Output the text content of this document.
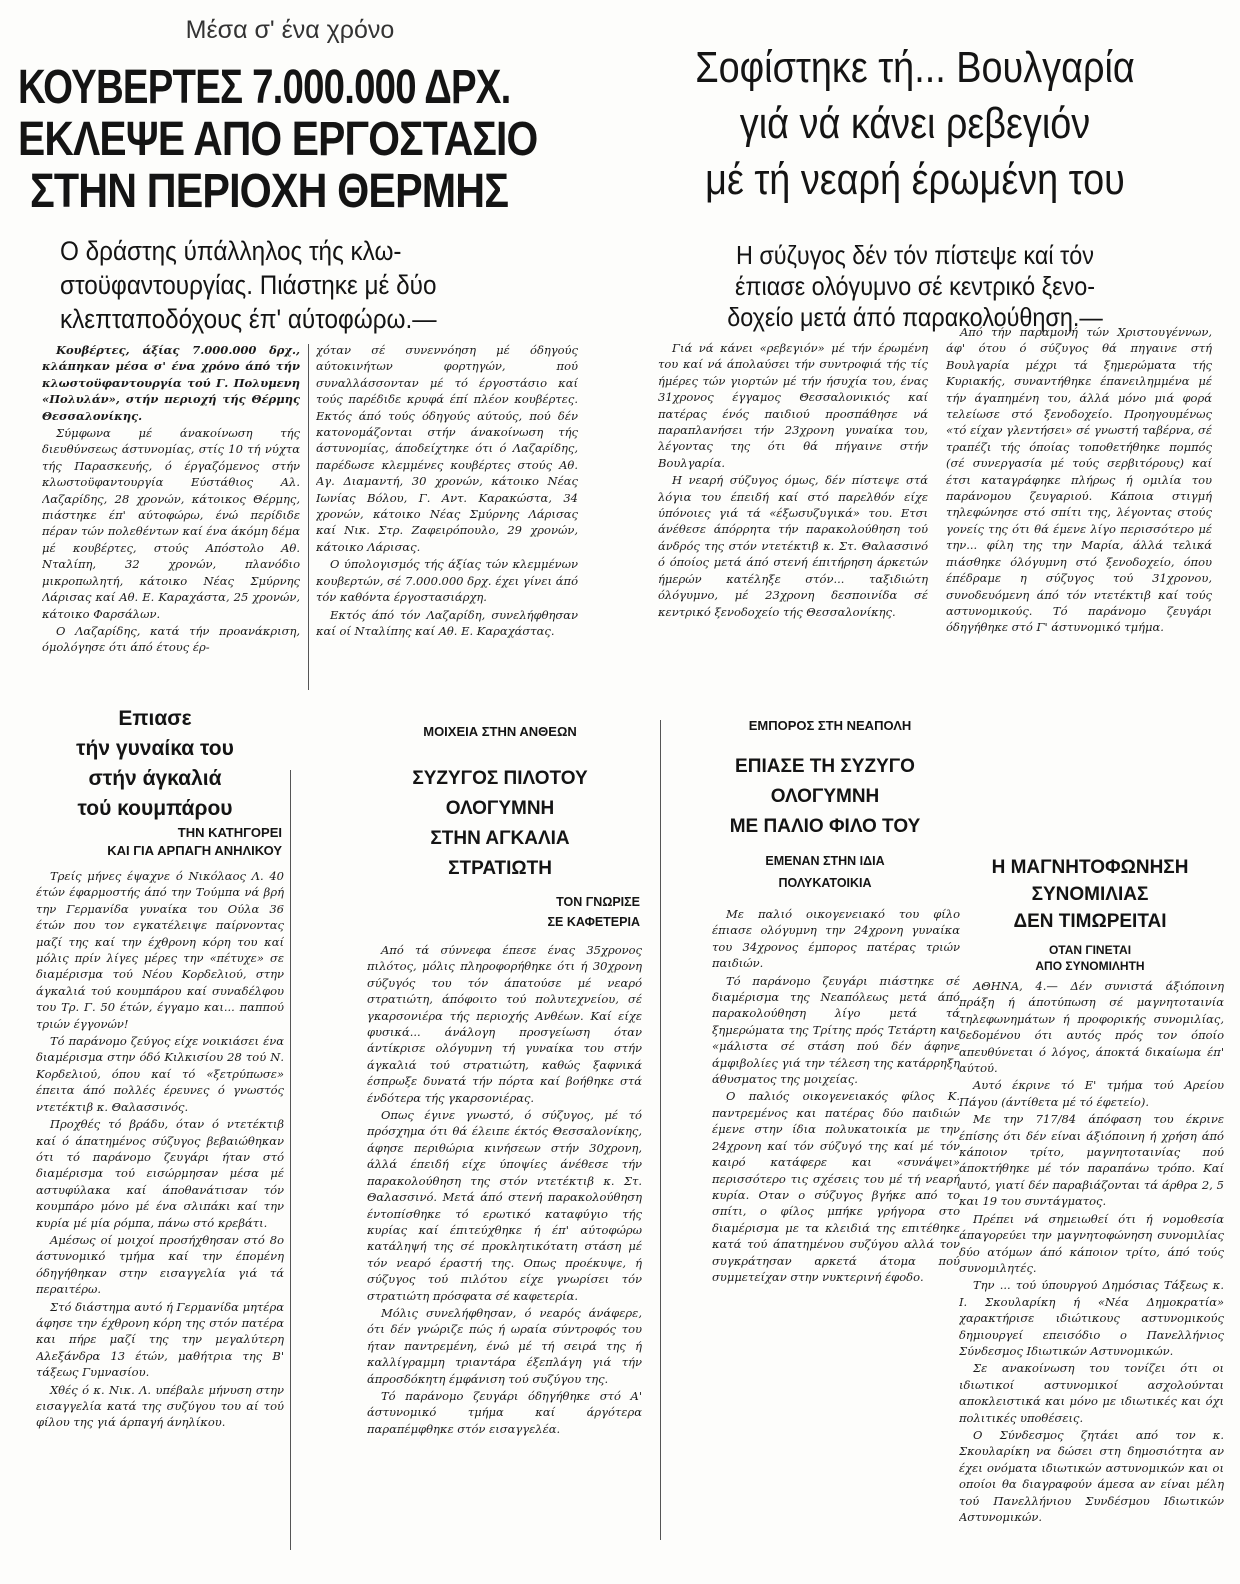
Μέσα σ' ένα χρόνο
ΚΟΥΒΕΡΤΕΣ 7.000.000 ΔΡΧ.
ΕΚΛΕΨΕ ΑΠΟ ΕΡΓΟΣΤΑΣΙΟ
ΣΤΗΝ ΠΕΡΙΟΧΗ ΘΕΡΜΗΣ
Ο δράστης ύπάλληλος τής κλω-
στοϋφαντουργίας. Πιάστηκε μέ δύο
κλεπταποδόχους έπ' αύτοφώρω.—

Κουβέρτες, άξίας 7.000.000 δρχ., κλάπηκαν μέσα σ' ένα χρόνο άπό τήν κλωστοϋφαντουργία τού Γ. Πολυμενη «Πολυλάν», στήν περιοχή τής Θέρμης Θεσσαλονίκης.

Σύμφωνα μέ άνακοίνωση τής διευθύνσεως άστυνομίας, στίς 10 τή νύχτα τής Παρασκευής, ό έργαζόμενος στήν κλωστοϋφαντουργία Εύστάθιος Αλ. Λαζαρίδης, 28 χρονών, κάτοικος Θέρμης, πιάστηκε έπ' αύτοφώρω, ένώ περίδιδε πέραν τών πολεθέντων καί ένα άκόμη δέμα μέ κουβέρτες, στούς Απόστολο Αθ. Νταλίπη, 32 χρονών, πλανόδιο μικροπωλητή, κάτοικο Νέας Σμύρνης Λάρισας καί Αθ. Ε. Καραχάστα, 25 χρονών, κάτοικο Φαρσάλων.

Ο Λαζαρίδης, κατά τήν προανάκριση, όμολόγησε ότι άπό έτους έρ-

χόταν σέ συνεννόηση μέ όδηγούς αύτοκινήτων φορτηγών, πού συναλλάσσονταν μέ τό έργοστάσιο καί τούς παρέδιδε κρυφά έπί πλέον κουβέρτες. Εκτός άπό τούς όδηγούς αύτούς, πού δέν κατονομάζονται στήν άνακοίνωση τής άστυνομίας, άποδείχτηκε ότι ό Λαζαρίδης, παρέδωσε κλεμμένες κουβέρτες στούς Αθ. Αγ. Διαμαντή, 30 χρονών, κάτοικο Νέας Ιωνίας Βόλου, Γ. Αντ. Καρακώστα, 34 χρονών, κάτοικο Νέας Σμύρνης Λάρισας καί Νικ. Στρ. Ζαφειρόπουλο, 29 χρονών, κάτοικο Λάρισας.

Ο ύπολογισμός τής άξίας τών κλεμμένων κουβερτών, σέ 7.000.000 δρχ. έχει γίνει άπό τόν καθόντα έργοστασιάρχη.

Εκτός άπό τόν Λαζαρίδη, συνελήφθησαν καί οί Νταλίπης καί Αθ. Ε. Καραχάστας.

Σοφίστηκε τή... Βουλγαρία
γιά νά κάνει ρεβεγιόν
μέ τή νεαρή έρωμένη του
Η σύζυγος δέν τόν πίστεψε καί τόν
έπιασε ολόγυμνο σέ κεντρικό ξενο-
δοχείο μετά άπό παρακολούθηση.—

Γιά νά κάνει «ρεβεγιόν» μέ τήν έρωμένη του καί νά άπολαύσει τήν συντροφιά τής τίς ήμέρες τών γιορτών μέ τήν ήσυχία του, ένας 31χρονος έγγαμος Θεσσαλονικιός καί πατέρας ένός παιδιού προσπάθησε νά παραπλανήσει τήν 23χρονη γυναίκα του, λέγοντας της ότι θά πήγαινε στήν Βουλγαρία.

Η νεαρή σύζυγος όμως, δέν πίστεψε στά λόγια του έπειδή καί στό παρελθόν είχε ύπόνοιες γιά τά «έξωσυζυγικά» του. Ετσι άνέθεσε άπόρρητα τήν παρακολούθηση τού άνδρός της στόν ντετέκτιβ κ. Στ. Θαλασσινό ό όποίος μετά άπό στενή έπιτήρηση άρκετών ήμερών κατέληξε στόν... ταξιδιώτη όλόγυμνο, μέ 23χρονη δεσποινίδα σέ κεντρικό ξενοδοχείο τής Θεσσαλονίκης.

Από τήν παραμονή τών Χριστουγέννων, άφ' ότου ό σύζυγος θά πηγαινε στή Βουλγαρία μέχρι τά ξημερώματα τής Κυριακής, συναντήθηκε έπανειλημμένα μέ τήν άγαπημένη του, άλλά μόνο μιά φορά τελείωσε στό ξενοδοχείο. Προηγουμένως «τό είχαν γλεντήσει» σέ γνωστή ταβέρνα, σέ τραπέζι τής όποίας τοποθετήθηκε πομπός (σέ συνεργασία μέ τούς σερβιτόρους) καί έτσι καταγράφηκε πλήρως ή ομιλία του παράνομου ζευγαριού. Κάποια στιγμή τηλεφώνησε στό σπίτι της, λέγοντας στούς γονείς της ότι θά έμενε λίγο περισσότερο μέ την... φίλη της την Μαρία, άλλά τελικά πιάσθηκε όλόγυμνη στό ξενοδοχείο, όπου έπέδραμε η σύζυγος τού 31χρονου, συνοδευόμενη άπό τόν ντετέκτιβ καί τούς αστυνομικούς. Τό παράνομο ζευγάρι όδηγήθηκε στό Γ' άστυνομικό τμήμα.

Επιασε
τήν γυναίκα του
στήν άγκαλιά
τού κουμπάρου
ΤΗΝ ΚΑΤΗΓΟΡΕΙ
ΚΑΙ ΓΙΑ ΑΡΠΑΓΗ ΑΝΗΛΙΚΟΥ

Τρείς μήνες έψαχνε ό Νικόλαος Λ. 40 έτών έφαρμοστής άπό την Τούμπα νά βρή την Γερμανίδα γυναίκα του Ούλα 36 έτών που τον εγκατέλειψε παίρνοντας μαζί της καί την έχθρονη κόρη του καί μόλις πρίν λίγες μέρες την «πέτυχε» σε διαμέρισμα τού Νέου Κορδελιού, στην άγκαλιά τού κουμπάρου καί συναδέλφου του Τρ. Γ. 50 έτών, έγγαμο και... παππού τριών έγγονών!

Τό παράνομο ζεύγος είχε νοικιάσει ένα διαμέρισμα στην όδό Κιλκισίου 28 τού Ν. Κορδελιού, όπου καί τό «ξετρύπωσε» έπειτα άπό πολλές έρευνες ό γνωστός ντετέκτιβ κ. Θαλασσινός.

Προχθές τό βράδυ, όταν ό ντετέκτιβ καί ό άπατημένος σύζυγος βεβαιώθηκαν ότι τό παράνομο ζευγάρι ήταν στό διαμέρισμα τού εισώρμησαν μέσα μέ αστυφύλακα καί άποθανάτισαν τόν κουμπάρο μόνο μέ ένα σλιπάκι καί την κυρία μέ μία ρόμπα, πάνω στό κρεβάτι.

Αμέσως οί μοιχοί προσήχθησαν στό 8ο άστυνομικό τμήμα καί την έπομένη όδηγήθηκαν στην εισαγγελία γιά τά περαιτέρω.

Στό διάστημα αυτό ή Γερμανίδα μητέρα άφησε την έχθρονη κόρη της στόν πατέρα και πήρε μαζί της την μεγαλύτερη Αλεξάνδρα 13 έτών, μαθήτρια της Β' τάξεως Γυμνασίου.

Χθές ό κ. Νικ. Λ. υπέβαλε μήνυση στην εισαγγελία κατά της συζύγου του αί τού φίλου της γιά άρπαγή άνηλίκου.

ΜΟΙΧΕΙΑ ΣΤΗΝ ΑΝΘΕΩΝ
ΣΥΖΥΓΟΣ ΠΙΛΟΤΟΥ
ΟΛΟΓΥΜΝΗ
ΣΤΗΝ ΑΓΚΑΛΙΑ
ΣΤΡΑΤΙΩΤΗ
ΤΟΝ ΓΝΩΡΙΣΕ
ΣΕ ΚΑΦΕΤΕΡΙΑ

Από τά σύννεφα έπεσε ένας 35χρονος πιλότος, μόλις πληροφορήθηκε ότι ή 30χρονη σύζυγός του τόν άπατούσε μέ νεαρό στρατιώτη, άπόφοιτο τού πολυτεχνείου, σέ γκαρσονιέρα τής περιοχής Ανθέων. Καί είχε φυσικά... άνάλογη προσγείωση όταν άντίκρισε ολόγυμνη τή γυναίκα του στήν άγκαλιά τού στρατιώτη, καθώς ξαφνικά έσπρωξε δυνατά τήν πόρτα καί βοήθηκε στά ένδότερα τής γκαρσονιέρας.

Οπως έγινε γνωστό, ό σύζυγος, μέ τό πρόσχημα ότι θά έλειπε έκτός Θεσσαλονίκης, άφησε περιθώρια κινήσεων στήν 30χρονη, άλλά έπειδή είχε ύποψίες άνέθεσε τήν παρακολούθηση της στόν ντετέκτιβ κ. Στ. Θαλασσινό. Μετά άπό στενή παρακολούθηση έντοπίσθηκε τό ερωτικό καταφύγιο τής κυρίας καί έπιτεύχθηκε ή έπ' αύτοφώρω κατάληψή της σέ προκλητικότατη στάση μέ τόν νεαρό έραστή της. Οπως προέκυψε, ή σύζυγος τού πιλότου είχε γνωρίσει τόν στρατιώτη πρόσφατα σέ καφετερία.

Μόλις συνελήφθησαν, ό νεαρός άνάφερε, ότι δέν γνώριζε πώς ή ωραία σύντροφός του ήταν παντρεμένη, ένώ μέ τή σειρά της ή καλλίγραμμη τριαντάρα έξεπλάγη γιά τήν άπροσδόκητη έμφάνιση τού συζύγου της.

Τό παράνομο ζευγάρι όδηγήθηκε στό Α' άστυνομικό τμήμα καί άργότερα παραπέμφθηκε στόν εισαγγελέα.

ΕΜΠΟΡΟΣ ΣΤΗ ΝΕΑΠΟΛΗ
ΕΠΙΑΣΕ ΤΗ ΣΥΖΥΓΟ
ΟΛΟΓΥΜΝΗ
ΜΕ ΠΑΛΙΟ ΦΙΛΟ ΤΟΥ
ΕΜΕΝΑΝ ΣΤΗΝ ΙΔΙΑ
ΠΟΛΥΚΑΤΟΙΚΙΑ

Με παλιό οικογενειακό του φίλο έπιασε ολόγυμνη την 24χρονη γυναίκα του 34χρονος έμπορος πατέρας τριών παιδιών.

Τό παράνομο ζευγάρι πιάστηκε σέ διαμέρισμα της Νεαπόλεως μετά άπό παρακολούθηση λίγο μετά τά ξημερώματα της Τρίτης πρός Τετάρτη και «μάλιστα σέ στάση πού δέν άφηνε άμφιβολίες γιά την τέλεση της κατάρρηξη άθυσματος της μοιχείας.

Ο παλιός οικογενειακός φίλος Κ. παντρεμένος και πατέρας δύο παιδιών έμενε στην ίδια πολυκατοικία με την 24χρονη καί τόν σύζυγό της καί μέ τόν καιρό κατάφερε και «συνάψει» περισσότερο τις σχέσεις του μέ τή νεαρή κυρία. Οταν ο σύζυγος βγήκε από το σπίτι, ο φίλος μπήκε γρήγορα στο διαμέρισμα με τα κλειδιά της επιτέθηκε κατά τού άπατημένου συζύγου αλλά τον συγκράτησαν αρκετά άτομα πού συμμετείχαν στην νυκτερινή έφοδο.

Η ΜΑΓΝΗΤΟΦΩΝΗΣΗ
ΣΥΝΟΜΙΛΙΑΣ
ΔΕΝ ΤΙΜΩΡΕΙΤΑΙ
ΟΤΑΝ ΓΙΝΕΤΑΙ
ΑΠΟ ΣΥΝΟΜΙΛΗΤΗ

ΑΘΗΝΑ, 4.— Δέν συνιστά άξιόποινη πράξη ή άποτύπωση σέ μαγνητοταινία τηλεφωνημάτων ή προφορικής συνομιλίας, δεδομένου ότι αυτός πρός τον όποίο απευθύνεται ό λόγος, άποκτά δικαίωμα έπ' αύτού.

Αυτό έκρινε τό Ε' τμήμα τού Αρείου Πάγου (άντίθετα μέ τό έφετείο).

Με την 717/84 άπόφαση του έκρινε έπίσης ότι δέν είναι άξιόποινη ή χρήση άπό κάποιον τρίτο, μαγνητοταινίας πού άποκτήθηκε μέ τόν παραπάνω τρόπο. Καί αυτό, γιατί δέν παραβιάζονται τά άρθρα 2, 5 και 19 του συντάγματος.

Πρέπει νά σημειωθεί ότι ή νομοθεσία άπαγορεύει την μαγνητοφώνηση συνομιλίας δύο ατόμων άπό κάποιον τρίτο, άπό τούς συνομιλητές.

Την ... τού ύπουργού Δημόσιας Τάξεως κ. Ι. Σκουλαρίκη ή «Νέα Δημοκρατία» χαρακτήρισε ιδιώτικους αστυνομικούς δημιουργεί επεισόδιο ο Πανελλήνιος Σύνδεσμος Ιδιωτικών Αστυνομικών.

Σε ανακοίνωση του τονίζει ότι οι ιδιωτικοί αστυνομικοί ασχολούνται αποκλειστικά και μόνο με ιδιωτικές και όχι πολιτικές υποθέσεις.

Ο Σύνδεσμος ζητάει από τον κ. Σκουλαρίκη να δώσει στη δημοσιότητα αν έχει ονόματα ιδιωτικών αστυνομικών και οι οποίοι θα διαγραφούν άμεσα αν είναι μέλη τού Πανελλήνιου Συνδέσμου Ιδιωτικών Αστυνομικών.
